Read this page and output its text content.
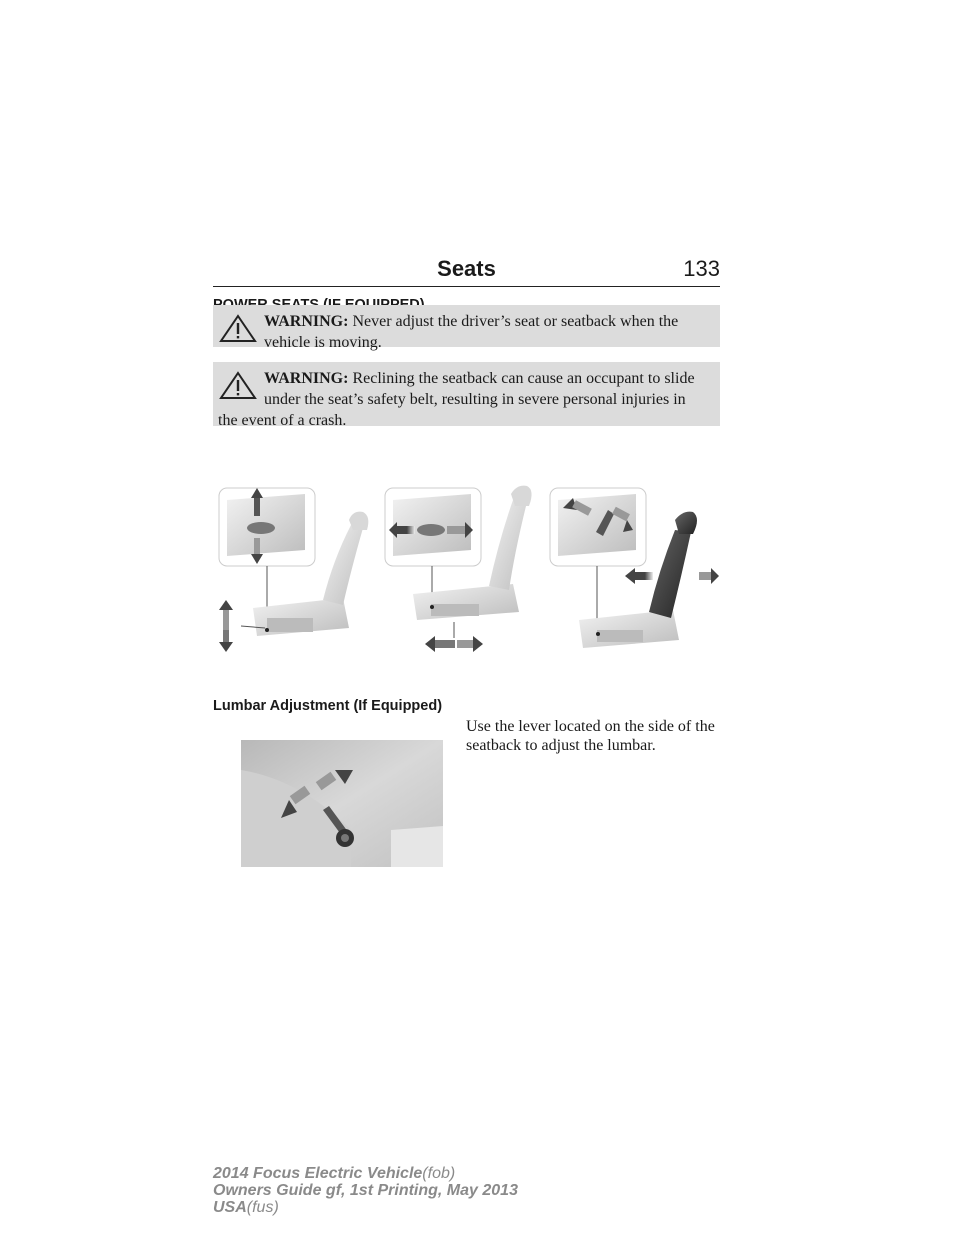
Seats	133
WARNING: Never adjust the driver’s seat or seatback when the vehicle is moving.
WARNING: Reclining the seatback can cause an occupant to slide under the seat’s safety belt, resulting in severe personal injuries in the event of a crash.
Lumbar Adjustment (If Equipped)
Use the lever located on the side of the seatback to adjust the lumbar.
2014 Focus Electric Vehicle(fob)
Owners Guide gf, 1st Printing, May 2013
USA(fus)
